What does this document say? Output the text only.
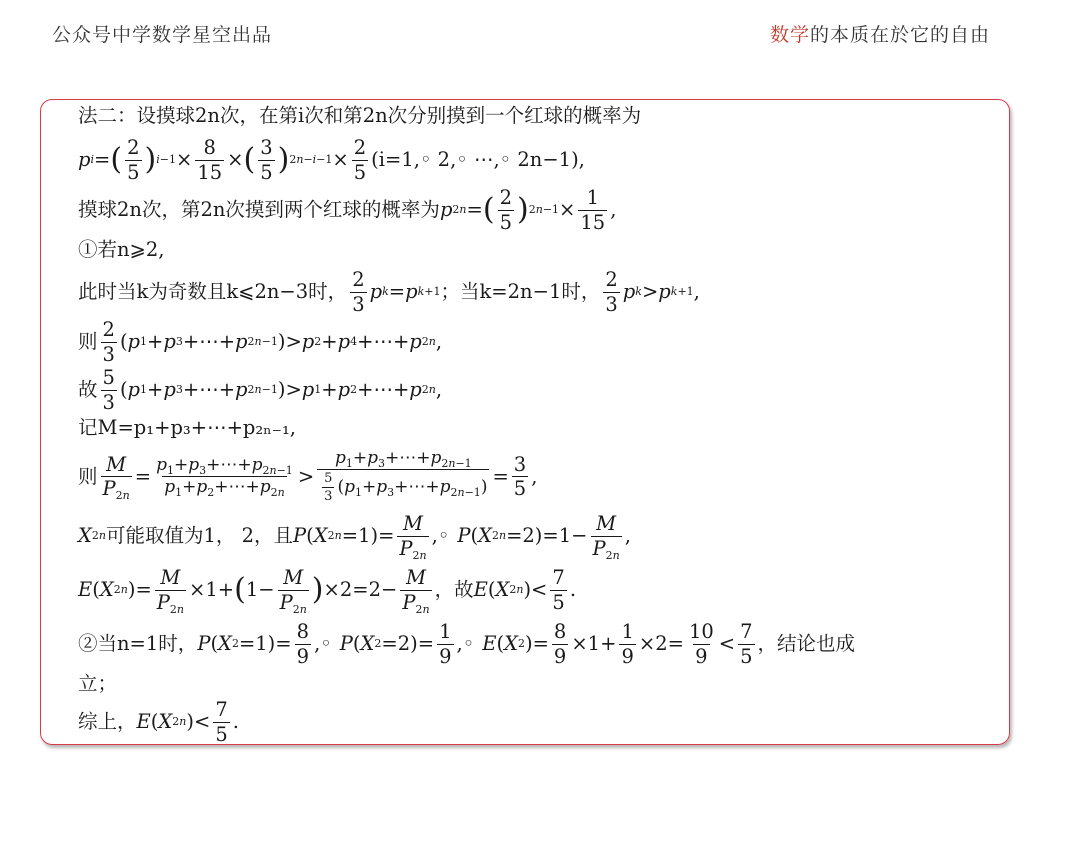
公众号中学数学星空出品	数学的本质在於它的自由
法二：设摸球2n次，在第i次和第2n次分别摸到一个红球的概率为
p i = ( $\frac{2}{5}$ ) $i-1 \times \frac{8}{15}$ × ( $\frac{3}{5}$ ) $2n-i-1 \times \frac{2}{5}$ (i=1,◦ 2,◦ ⋯,◦ 2n−1),
摸球2n次，第2n次摸到两个红球的概率为 p 2n = ( $\frac{2}{5}$ ) $2n-1 \times \frac{1}{15}$ ,
①若n⩾2,
此时当k为奇数且k⩽2n−3时， $\frac{2}{3}$ p k = p k+1 ；当k=2n−1时， $\frac{2}{3}$ p k > p k+1 ,
则 $\frac{2}{3}$ ( p 1 + p 3 +⋯+ p 2n−1 )> p 2 + p 4 +⋯+ p 2n ,
故 $\frac{5}{3}$ ( p 1 + p 3 +⋯+ p 2n−1 )> p 1 + p 2 +⋯+ p 2n ,
记M=p₁+p₃+⋯+p₂ₙ₋₁,
则 $\frac{M}{P_{2n}} = \frac{p_1+p_3+\cdots+p_{2n-1}}{p_1+p_2+\cdots+p_{2n}} > \frac{p_1+p_3+\cdots+p_{2n-1}}{\frac{5}{3} (p_1+p_3+\cdots+p_{2n-1})} = \frac{3}{5}$ ,
X 2n 可能取值为1， 2，且 P ( X $2n =1)= \frac{M}{P_{2n}}$ ,◦ P ( X $2n =2)=1- \frac{M}{P_{2n}}$ ,
E ( X 2n )= $\frac{M}{P_{2n}} \times 1+$ ( $1- \frac{M}{P_{2n}}$ ) $\times 2=2- \frac{M}{P_{2n}}$ ，故 E ( X 2n )< $\frac{7}{5}$ .
②当n=1时， P ( X $2 =1)= \frac{8}{9}$ ,◦ P ( X $2 =2)= \frac{1}{9}$ ,◦ E ( X 2 )= $\frac{8}{9} \times 1+ \frac{1}{9} \times 2= \frac{10}{9} < \frac{7}{5}$ ，结论也成
立；
综上， E ( X 2n )< $\frac{7}{5}$ .
